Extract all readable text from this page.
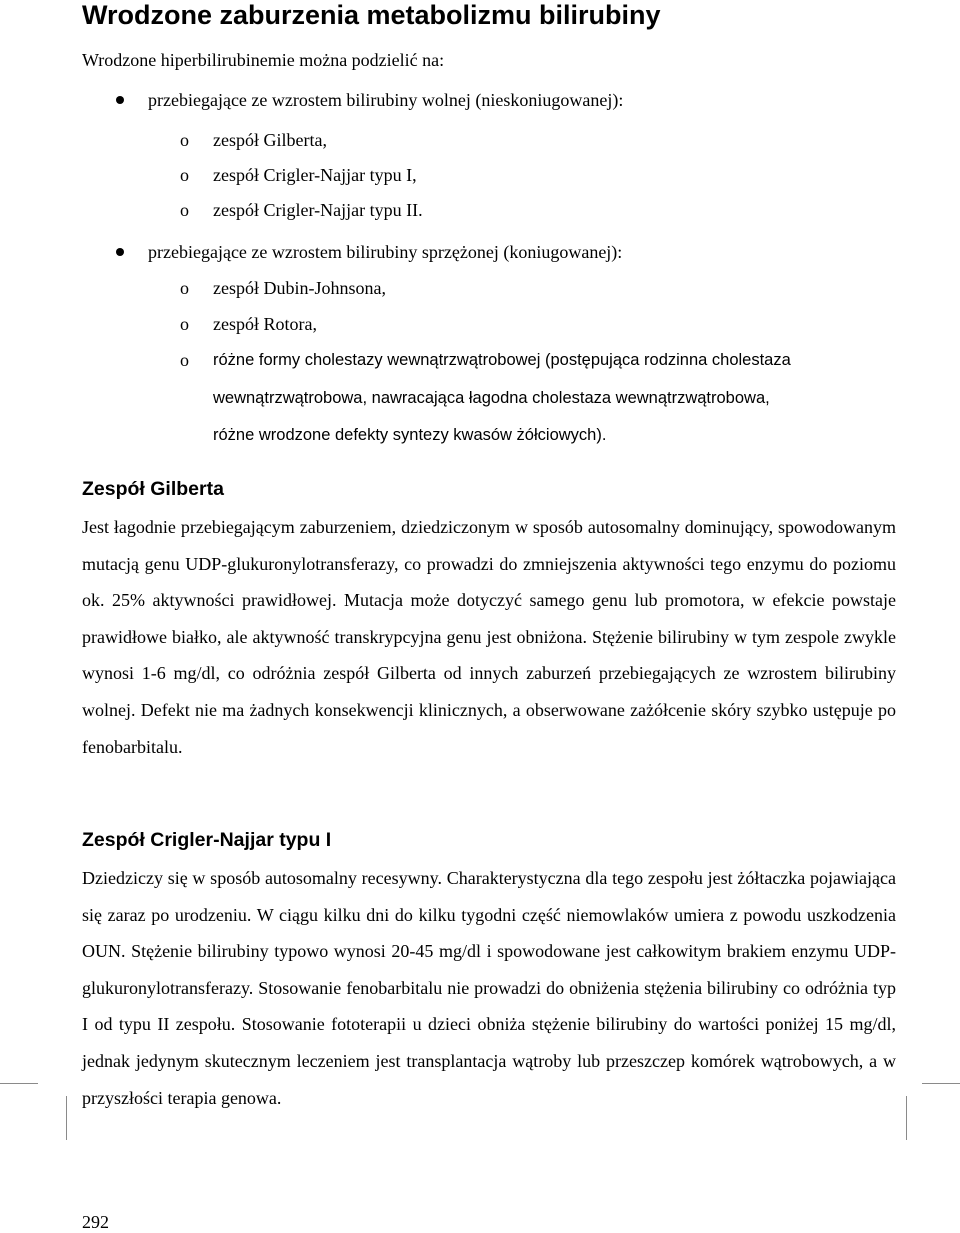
Wrodzone zaburzenia metabolizmu bilirubiny

Wrodzone hiperbilirubinemie można podzielić na:

przebiegające ze wzrostem bilirubiny wolnej (nieskoniugowanej):

o zespół Gilberta,

o zespół Crigler-Najjar typu I,

o zespół Crigler-Najjar typu II.

przebiegające ze wzrostem bilirubiny sprzężonej (koniugowanej):

o zespół Dubin-Johnsona,

o zespół Rotora,

o różne formy cholestazy wewnątrzwątrobowej (postępująca rodzinna cholestaza

wewnątrzwątrobowa, nawracająca łagodna cholestaza wewnątrzwątrobowa,

różne wrodzone defekty syntezy kwasów żółciowych).

Zespół Gilberta

Jest łagodnie przebiegającym zaburzeniem, dziedziczonym w sposób autosomalny dominujący, spowodowanym mutacją genu UDP-glukuronylotransferazy, co prowadzi do zmniejszenia aktywności tego enzymu do poziomu ok. 25% aktywności prawidłowej. Mutacja może dotyczyć samego genu lub promotora, w efekcie powstaje prawidłowe białko, ale aktywność transkrypcyjna genu jest obniżona. Stężenie bilirubiny w tym zespole zwykle wynosi 1-6 mg/dl, co odróżnia zespół Gilberta od innych zaburzeń przebiegających ze wzrostem bilirubiny wolnej. Defekt nie ma żadnych konsekwencji klinicznych, a obserwowane zażółcenie skóry szybko ustępuje po fenobarbitalu.

Zespół Crigler-Najjar typu I

Dziedziczy się w sposób autosomalny recesywny. Charakterystyczna dla tego zespołu jest żółtaczka pojawiająca się zaraz po urodzeniu. W ciągu kilku dni do kilku tygodni część niemowlaków umiera z powodu uszkodzenia OUN. Stężenie bilirubiny typowo wynosi 20-45 mg/dl i spowodowane jest całkowitym brakiem enzymu UDP-glukuronylotransferazy. Stosowanie fenobarbitalu nie prowadzi do obniżenia stężenia bilirubiny co odróżnia typ I od typu II zespołu. Stosowanie fototerapii u dzieci obniża stężenie bilirubiny do wartości poniżej 15 mg/dl, jednak jedynym skutecznym leczeniem jest transplantacja wątroby lub przeszczep komórek wątrobowych, a w przyszłości terapia genowa.

292
